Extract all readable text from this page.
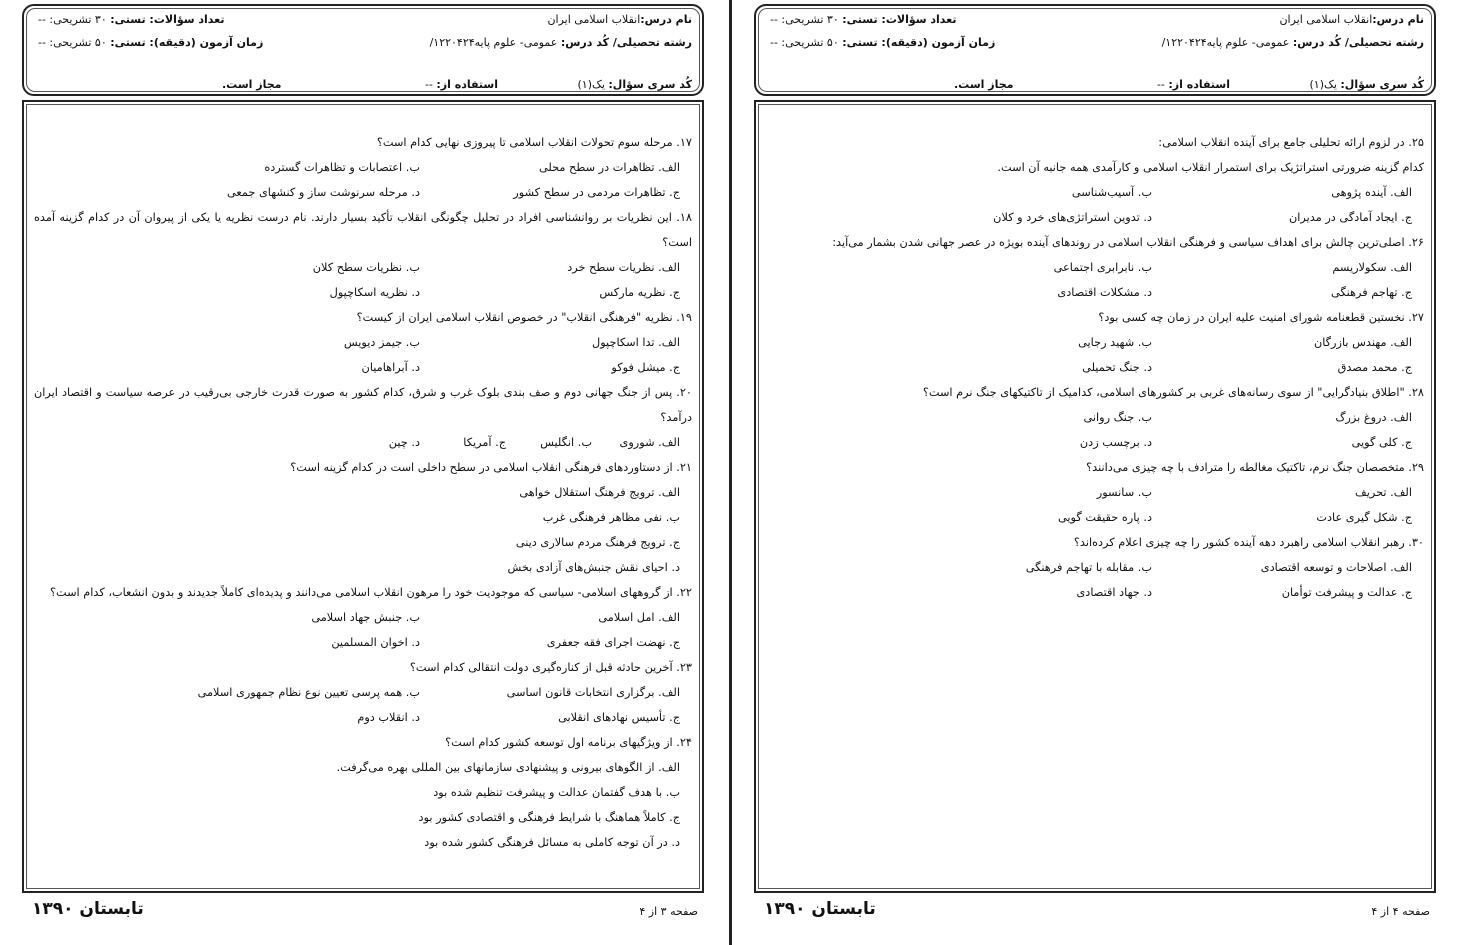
نام درس:انقلاب اسلامی ایران
رشته تحصیلی/ کُد درس: عمومی- علوم پایه۱۲۲۰۴۲۴/
تعداد سؤالات: تستی: ۳۰ تشریحی: --
زمان آزمون (دقیقه): تستی: ۵۰ تشریحی: --
کُد سری سؤال: یک(۱)
استفاده از: --
مجاز است.
۱۷. مرحله سوم تحولات انقلاب اسلامی تا پیروزی نهایی کدام است؟
الف. تظاهرات در سطح محلی
ب. اعتصابات و تظاهرات گسترده
ج. تظاهرات مردمی در سطح کشور
د. مرحله سرنوشت ساز و کنشهای جمعی
۱۸. این نظریات بر روانشناسی افراد در تحلیل چگونگی انقلاب تأکید بسیار دارند. نام درست نظریه یا یکی از پیروان آن در کدام گزینه آمده است؟
الف. نظریات سطح خرد
ب. نظریات سطح کلان
ج. نظریه مارکس
د. نظریه اسکاچپول
۱۹. نظریه "فرهنگی انقلاب" در خصوص انقلاب اسلامی ایران از کیست؟
الف. تدا اسکاچپول
ب. جیمز دیویس
ج. میشل فوکو
د. آبراهامیان
۲۰. پس از جنگ جهانی دوم و صف بندی بلوک غرب و شرق، کدام کشور به صورت قدرت خارجی بی‌رقیب در عرصه سیاست و اقتصاد ایران درآمد؟
الف. شوروی
ب. انگلیس
ج. آمریکا
د. چین
۲۱. از دستاوردهای فرهنگی انقلاب اسلامی در سطح داخلی است در کدام گزینه است؟
الف. ترویج فرهنگ استقلال خواهی
ب. نفی مظاهر فرهنگی غرب
ج. ترویج فرهنگ مردم سالاری دینی
د. احیای نقش جنبش‌های آزادی بخش
۲۲. از گروههای اسلامی- سیاسی که موجودیت خود را مرهون انقلاب اسلامی می‌دانند و پدیده‌ای کاملاً جدیدند و بدون انشعاب، کدام است؟
الف. امل اسلامی
ب. جنبش جهاد اسلامی
ج. نهضت اجرای فقه جعفری
د. اخوان المسلمین
۲۳. آخرین حادثه قبل از کناره‌گیری دولت انتقالی کدام است؟
الف. برگزاری انتخابات قانون اساسی
ب. همه پرسی تعیین نوع نظام جمهوری اسلامی
ج. تأسیس نهادهای انقلابی
د. انقلاب دوم
۲۴. از ویژگیهای برنامه اول توسعه کشور کدام است؟
الف. از الگوهای بیرونی و پیشنهادی سازمانهای بین المللی بهره می‌گرفت.
ب. با هدف گفتمان عدالت و پیشرفت تنظیم شده بود
ج. کاملاً هماهنگ با شرایط فرهنگی و اقتصادی کشور بود
د. در آن توجه کاملی به مسائل فرهنگی کشور شده بود
تابستان ۱۳۹۰	صفحه ۳ از ۴
نام درس:انقلاب اسلامی ایران
رشته تحصیلی/ کُد درس: عمومی- علوم پایه۱۲۲۰۴۲۴/
تعداد سؤالات: تستی: ۳۰ تشریحی: --
زمان آزمون (دقیقه): تستی: ۵۰ تشریحی: --
کُد سری سؤال: یک(۱)
استفاده از: --
مجاز است.
۲۵. در لزوم ارائه تحلیلی جامع برای آینده انقلاب اسلامی:
کدام گزینه ضرورتی استراتژیک برای استمرار انقلاب اسلامی و کارآمدی همه جانبه آن است.
الف. آینده پژوهی
ب. آسیب‌شناسی
ج. ایجاد آمادگی در مدیران
د. تدوین استراتژی‌های خرد و کلان
۲۶. اصلی‌ترین چالش برای اهداف سیاسی و فرهنگی انقلاب اسلامی در روندهای آینده بویژه در عصر جهانی شدن بشمار می‌آید:
الف. سکولاریسم
ب. نابرابری اجتماعی
ج. تهاجم فرهنگی
د. مشکلات اقتصادی
۲۷. نخستین قطعنامه شورای امنیت علیه ایران در زمان چه کسی بود؟
الف. مهندس بازرگان
ب. شهید رجایی
ج. محمد مصدق
د. جنگ تحمیلی
۲۸. "اطلاق بنیادگرایی" از سوی رسانه‌های غربی بر کشورهای اسلامی، کدامیک از تاکتیکهای جنگ نرم است؟
الف. دروغ بزرگ
ب. جنگ روانی
ج. کلی گویی
د. برچسب زدن
۲۹. متخصصان جنگ نرم، تاکتیک مغالطه را مترادف با چه چیزی می‌دانند؟
الف. تحریف
ب. سانسور
ج. شکل گیری عادت
د. پاره حقیقت گویی
۳۰. رهبر انقلاب اسلامی راهبرد دهه آینده کشور را چه چیزی اعلام کرده‌اند؟
الف. اصلاحات و توسعه اقتصادی
ب. مقابله با تهاجم فرهنگی
ج. عدالت و پیشرفت توأمان
د. جهاد اقتصادی
تابستان ۱۳۹۰	صفحه ۴ از ۴
